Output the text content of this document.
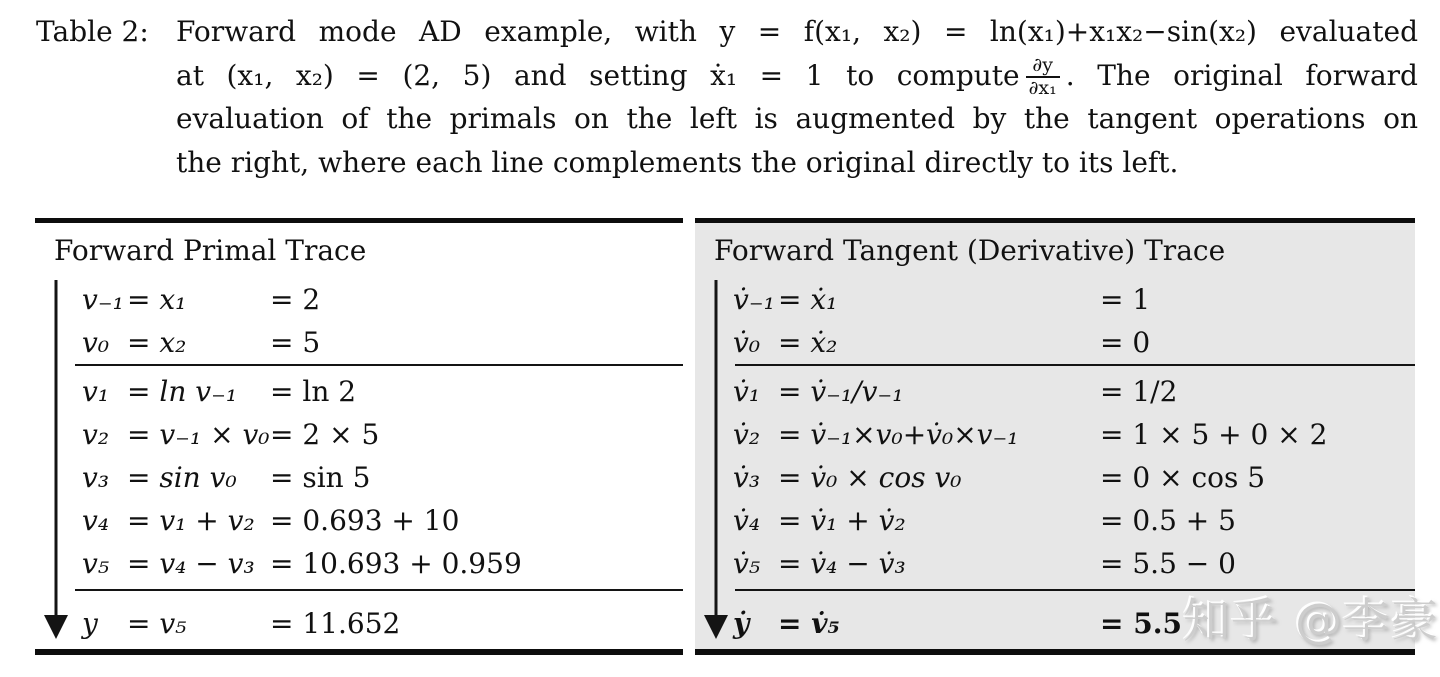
Table 2: Forward mode AD example, with y = f(x₁, x₂) = ln(x₁)+x₁x₂−sin(x₂) evaluated
at (x₁, x₂) = (2, 5) and setting ẋ₁ = 1 to compute $\frac{\partial y}{\text{∂x₁}}$ . The original forward
evaluation of the primals on the left is augmented by the tangent operations on
the right, where each line complements the original directly to its left.
Forward Primal Trace
v₋₁ = x₁	= 2
v₀ = x₂	= 5
v₁ = ln v₋₁	= ln 2
v₂ = v₋₁ × v₀ = 2 × 5
v₃ = sin v₀	= sin 5
v₄ = v₁ + v₂ = 0.693 + 10
v₅ = v₄ − v₃ = 10.693 + 0.959
y	= v₅	= 11.652
Forward Tangent (Derivative) Trace
v̇₋₁ = ẋ₁	= 1
v̇₀ = ẋ₂	= 0
v̇₁ = v̇₋₁/v₋₁	= 1/2
v̇₂ = v̇₋₁×v₀+v̇₀×v₋₁	= 1 × 5 + 0 × 2
v̇₃ = v̇₀ × cos v₀	= 0 × cos 5
v̇₄ = v̇₁ + v̇₂	= 0.5 + 5
v̇₅ = v̇₄ − v̇₃	= 5.5 − 0
ẏ	= v̇₅	= 5.5 知乎 @李豪
